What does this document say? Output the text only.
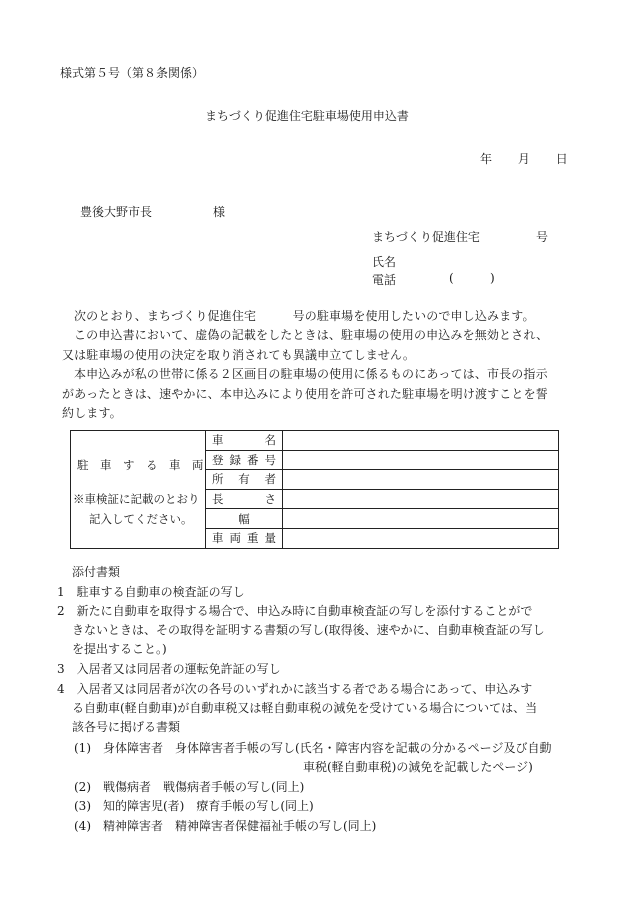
様式第５号（第８条関係）
まちづくり促進住宅駐車場使用申込書
年 月 日
豊後大野市長	様
まちづくり促進住宅	号
氏名
電話	(	)
次のとおり、まちづくり促進住宅　　　号の駐車場を使用したいので申し込みます。
この申込書において、虚偽の記載をしたときは、駐車場の使用の申込みを無効とされ、
又は駐車場の使用の決定を取り消されても異議申立てしません。
本申込みが私の世帯に係る２区画目の駐車場の使用に係るものにあっては、市長の指示
があったときは、速やかに、本申込みにより使用を許可された駐車場を明け渡すことを誓
約します。
駐　車　す　る　車　両
※車検証に記載のとおり
記入してください。	車　　名	
	登録番号	
	所　有　者	
	長　　さ	
	幅	
	車両重量	
添付書類
1　駐車する自動車の検査証の写し
2　新たに自動車を取得する場合で、申込み時に自動車検査証の写しを添付することがで
きないときは、その取得を証明する書類の写し(取得後、速やかに、自動車検査証の写し
を提出すること。)
3　入居者又は同居者の運転免許証の写し
4　入居者又は同居者が次の各号のいずれかに該当する者である場合にあって、申込みす
る自動車(軽自動車)が自動車税又は軽自動車税の減免を受けている場合については、当
該各号に掲げる書類
(1)　身体障害者　身体障害者手帳の写し(氏名・障害内容を記載の分かるページ及び自動
車税(軽自動車税)の減免を記載したページ)
(2)　戦傷病者　戦傷病者手帳の写し(同上)
(3)　知的障害児(者)　療育手帳の写し(同上)
(4)　精神障害者　精神障害者保健福祉手帳の写し(同上)
